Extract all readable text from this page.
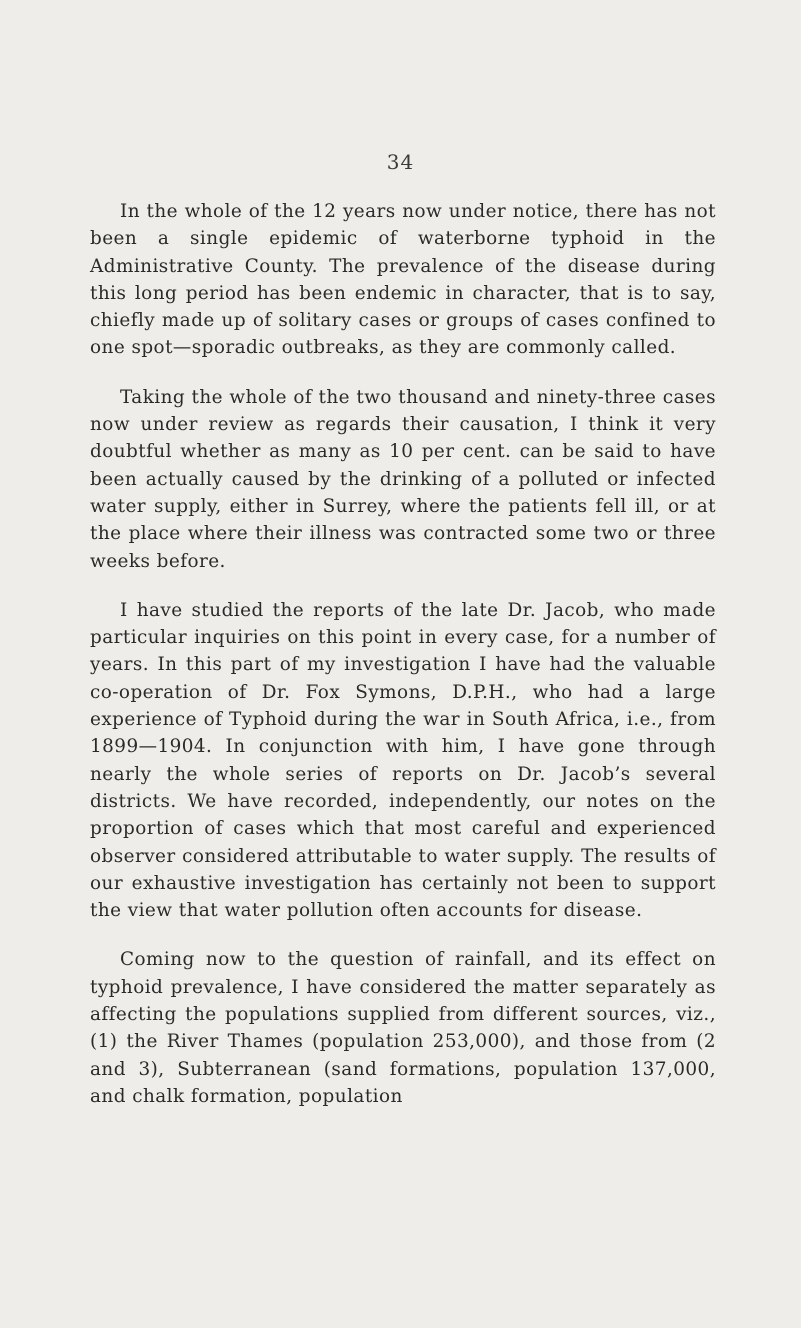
34

In the whole of the 12 years now under notice, there has not been a single epidemic of waterborne typhoid in the Administrative County. The prevalence of the disease during this long period has been endemic in character, that is to say, chiefly made up of solitary cases or groups of cases confined to one spot—sporadic outbreaks, as they are commonly called.

Taking the whole of the two thousand and ninety-three cases now under review as regards their causation, I think it very doubtful whether as many as 10 per cent. can be said to have been actually caused by the drinking of a polluted or infected water supply, either in Surrey, where the patients fell ill, or at the place where their illness was contracted some two or three weeks before.

I have studied the reports of the late Dr. Jacob, who made particular inquiries on this point in every case, for a number of years. In this part of my investigation I have had the valuable co-operation of Dr. Fox Symons, D.P.H., who had a large experience of Typhoid during the war in South Africa, i.e., from 1899—1904. In conjunction with him, I have gone through nearly the whole series of reports on Dr. Jacob’s several districts. We have recorded, independently, our notes on the proportion of cases which that most careful and experienced observer considered attributable to water supply. The results of our exhaustive investigation has certainly not been to support the view that water pollution often accounts for disease.

Coming now to the question of rainfall, and its effect on typhoid prevalence, I have considered the matter separately as affecting the populations supplied from different sources, viz., (1) the River Thames (population 253,000), and those from (2 and 3), Subterranean (sand formations, population 137,000, and chalk formation, population
